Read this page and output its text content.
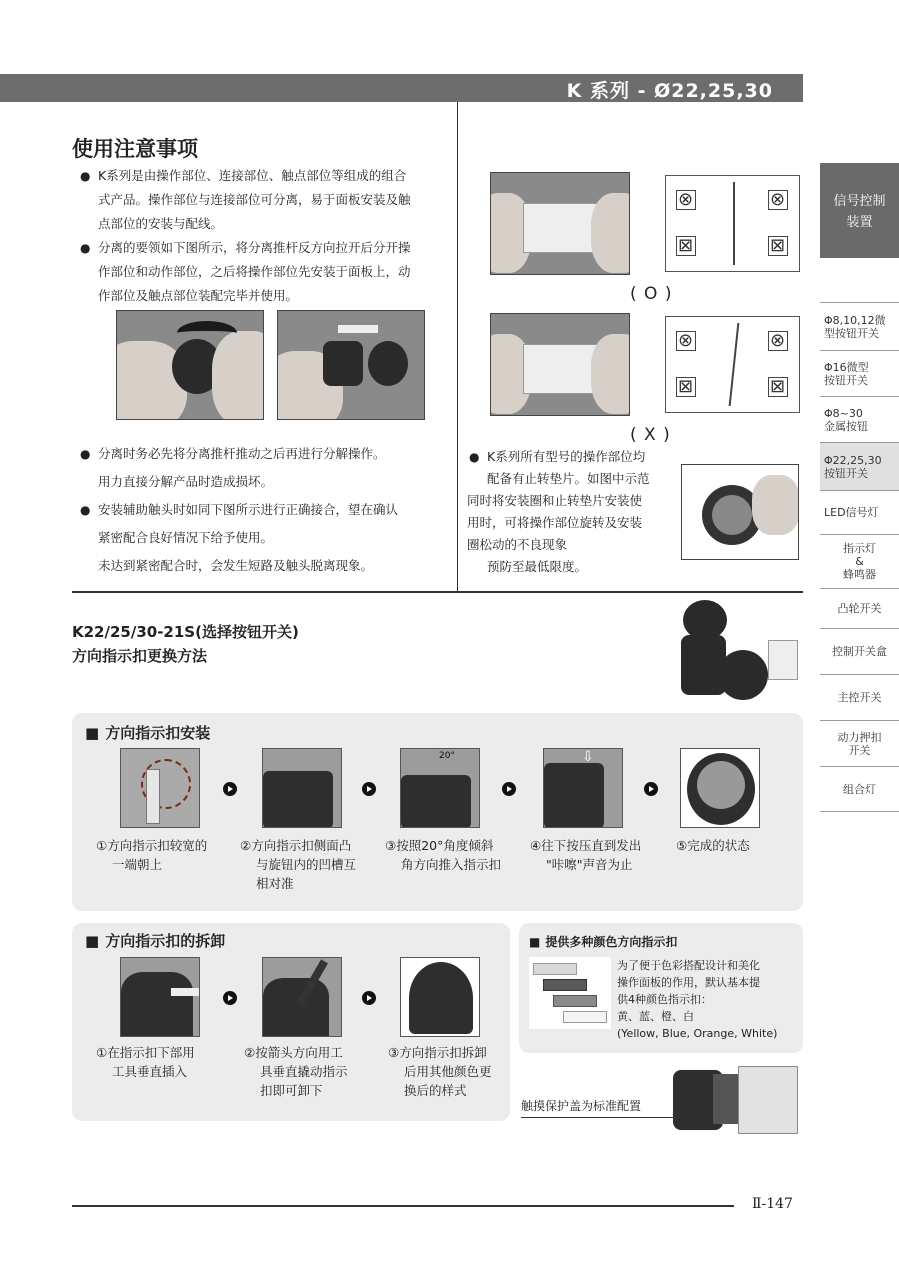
K 系列 - Ø22,25,30
使用注意事项
● K系列是由操作部位、连接部位、触点部位等组成的组合
式产品。操作部位与连接部位可分离，易于面板安装及触
点部位的安装与配线。
● 分离的要领如下图所示，将分离推杆反方向拉开后分开操
作部位和动作部位，之后将操作部位先安装于面板上，动
作部位及触点部位装配完毕并使用。
● 分离时务必先将分离推杆推动之后再进行分解操作。
用力直接分解产品时造成损坏。
● 安装辅助触头时如同下图所示进行正确接合，望在确认
紧密配合良好情况下给予使用。
未达到紧密配合时，会发生短路及触头脱离现象。
⊗
⊠
⊗
⊠
( O )
⊗
⊠
⊗
⊠
( X )
● K系列所有型号的操作部位均
配备有止转垫片。如图中示范
同时将安装圈和止转垫片安装使
用时，可将操作部位旋转及安装
圈松动的不良现象
预防至最低限度。
信号控制
装置
Φ8,10,12微
型按钮开关
Φ16微型
按钮开关
Φ8~30
金属按钮
Φ22,25,30
按钮开关
LED信号灯
指示灯
&
蜂鸣器
凸轮开关
控制开关盒
主控开关
动力押扣
开关
组合灯
K22/25/30-21S(选择按钮开关)
方向指示扣更换方法
■ 方向指示扣安装
20°	⇩
①方向指示扣较宽的
一端朝上
②方向指示扣侧面凸
与旋钮内的凹槽互
相对准
③按照20°角度倾斜
角方向推入指示扣
④往下按压直到发出
"咔嚓"声音为止
⑤完成的状态
■ 方向指示扣的拆卸
①在指示扣下部用
工具垂直插入
②按箭头方向用工
具垂直撬动指示
扣即可卸下
③方向指示扣拆卸
后用其他颜色更
换后的样式
■ 提供多种颜色方向指示扣
为了便于色彩搭配设计和美化
操作面板的作用，默认基本提
供4种颜色指示扣：
黄、蓝、橙、白
(Yellow, Blue, Orange, White)
触摸保护盖为标准配置
Ⅱ-147
